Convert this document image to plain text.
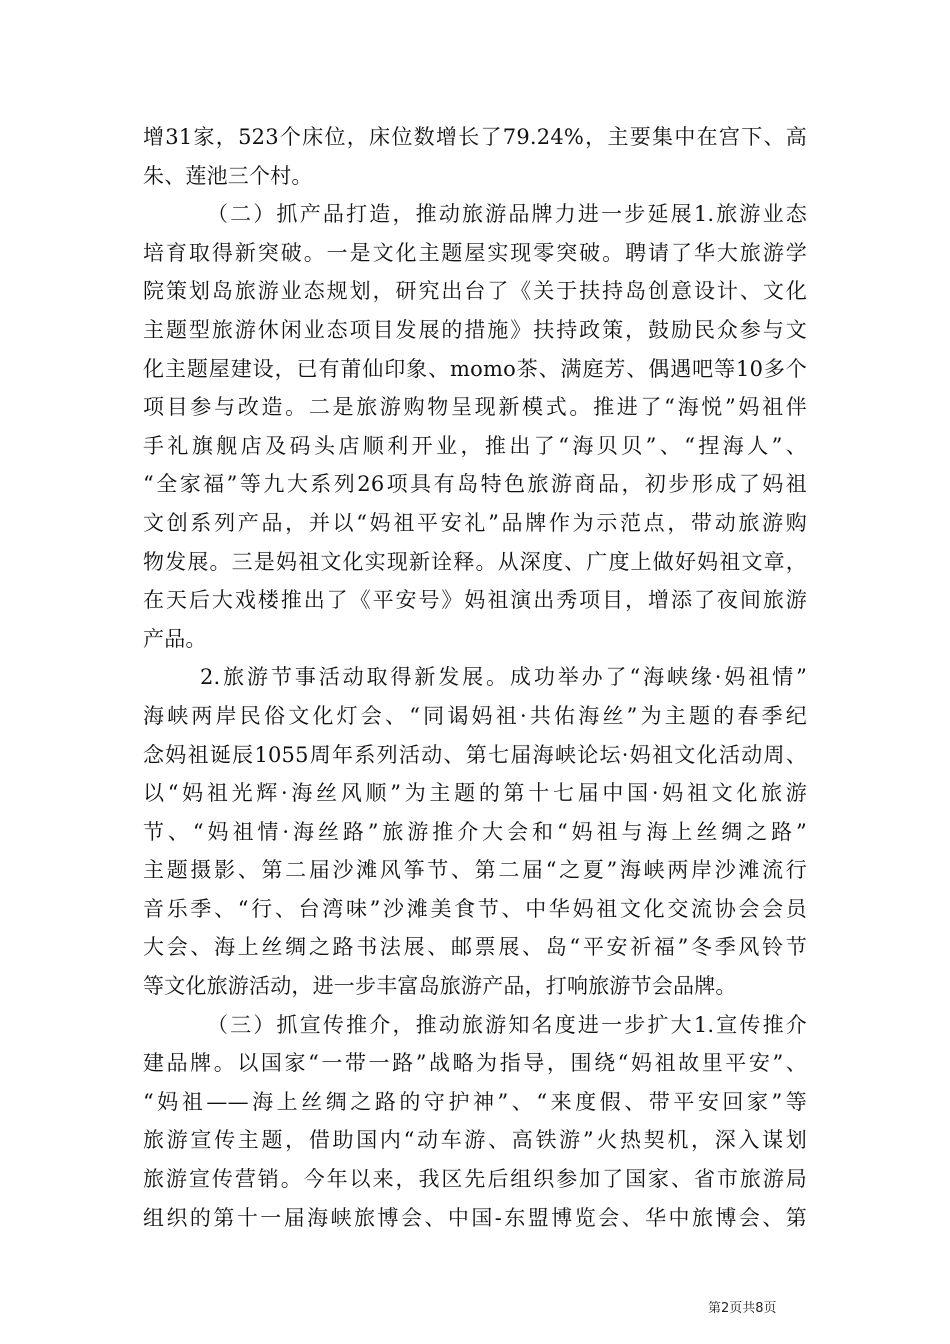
增31家，523个床位，床位数增长了79.24%，主要集中在宫下、高
朱、莲池三个村。
（二）抓产品打造，推动旅游品牌力进一步延展1.旅游业态
培育取得新突破。一是文化主题屋实现零突破。聘请了华大旅游学
院策划岛旅游业态规划，研究出台了《关于扶持岛创意设计、文化
主题型旅游休闲业态项目发展的措施》扶持政策，鼓励民众参与文
化主题屋建设，已有莆仙印象、momo茶、满庭芳、偶遇吧等10多个
项目参与改造。二是旅游购物呈现新模式。推进了“海悦”妈祖伴
手礼旗舰店及码头店顺利开业，推出了“海贝贝”、“捏海人”、
“全家福”等九大系列26项具有岛特色旅游商品，初步形成了妈祖
文创系列产品，并以“妈祖平安礼”品牌作为示范点，带动旅游购
物发展。三是妈祖文化实现新诠释。从深度、广度上做好妈祖文章，
在天后大戏楼推出了《平安号》妈祖演出秀项目，增添了夜间旅游
产品。
2.旅游节事活动取得新发展。成功举办了“海峡缘·妈祖情”
海峡两岸民俗文化灯会、“同谒妈祖·共佑海丝”为主题的春季纪
念妈祖诞辰1055周年系列活动、第七届海峡论坛·妈祖文化活动周、
以“妈祖光辉·海丝风顺”为主题的第十七届中国·妈祖文化旅游
节、“妈祖情·海丝路”旅游推介大会和“妈祖与海上丝绸之路”
主题摄影、第二届沙滩风筝节、第二届“之夏”海峡两岸沙滩流行
音乐季、“行、台湾味”沙滩美食节、中华妈祖文化交流协会会员
大会、海上丝绸之路书法展、邮票展、岛“平安祈福”冬季风铃节
等文化旅游活动，进一步丰富岛旅游产品，打响旅游节会品牌。
（三）抓宣传推介，推动旅游知名度进一步扩大1.宣传推介
建品牌。以国家“一带一路”战略为指导，围绕“妈祖故里平安”、
“妈祖——海上丝绸之路的守护神”、“来度假、带平安回家”等
旅游宣传主题，借助国内“动车游、高铁游”火热契机，深入谋划
旅游宣传营销。今年以来，我区先后组织参加了国家、省市旅游局
组织的第十一届海峡旅博会、中国-东盟博览会、华中旅博会、第
第2页共8页
